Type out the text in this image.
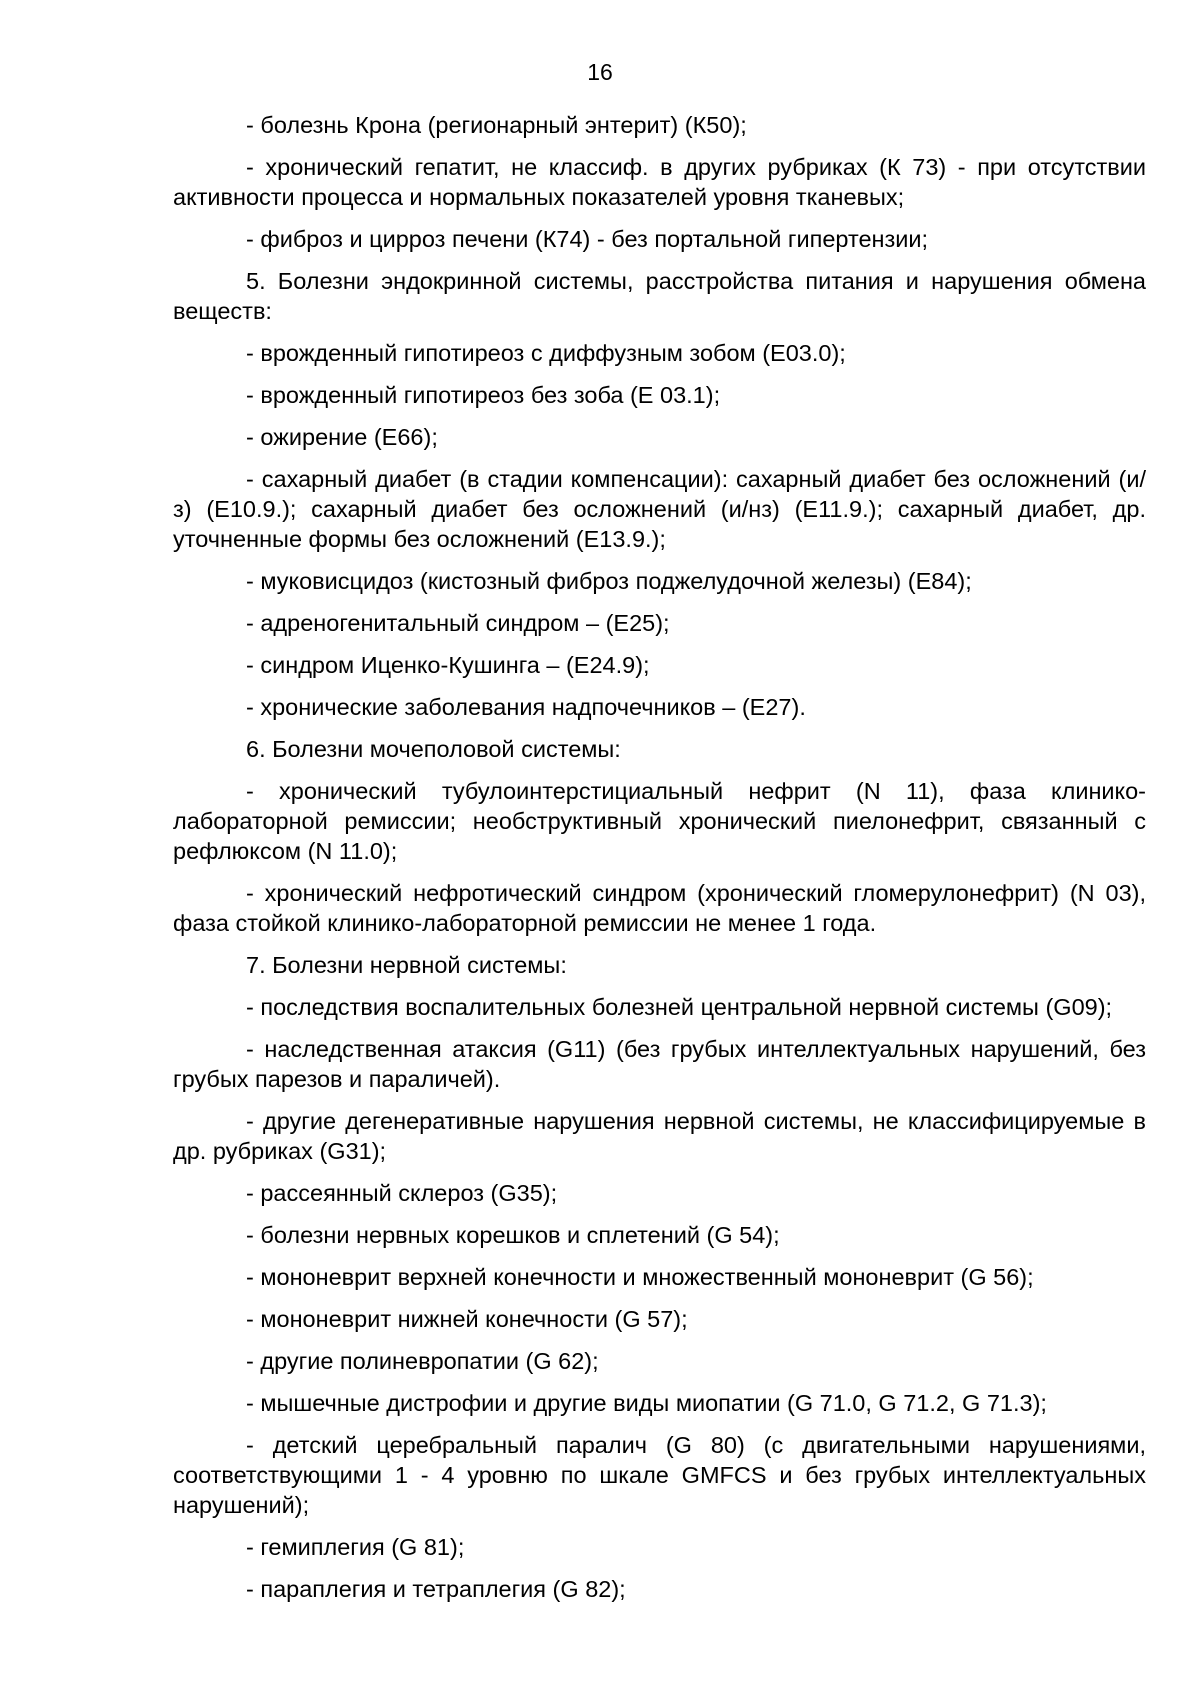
16

- болезнь Крона (регионарный энтерит) (К50);

- хронический гепатит, не классиф. в других рубриках (К 73) - при отсутствии активности процесса и нормальных показателей уровня тканевых;

- фиброз и цирроз печени (К74) - без портальной гипертензии;

5. Болезни эндокринной системы, расстройства питания и нарушения обмена веществ:

- врожденный гипотиреоз с диффузным зобом (Е03.0);

- врожденный гипотиреоз без зоба (Е 03.1);

- ожирение (Е66);

- сахарный диабет (в стадии компенсации): сахарный диабет без осложнений (и/з) (Е10.9.); сахарный диабет без осложнений (и/нз) (Е11.9.); сахарный диабет, др. уточненные формы без осложнений (Е13.9.);

- муковисцидоз (кистозный фиброз поджелудочной железы) (Е84);

- адреногенитальный синдром – (Е25);

- синдром Иценко-Кушинга – (Е24.9);

- хронические заболевания надпочечников – (Е27).

6. Болезни мочеполовой системы:

- хронический тубулоинтерстициальный нефрит (N 11), фаза клинико-лабораторной ремиссии; необструктивный хронический пиелонефрит, связанный с рефлюксом (N 11.0);

- хронический нефротический синдром (хронический гломерулонефрит) (N 03), фаза стойкой клинико-лабораторной ремиссии не менее 1 года.

7. Болезни нервной системы:

- последствия воспалительных болезней центральной нервной системы (G09);

- наследственная атаксия (G11) (без грубых интеллектуальных нарушений, без грубых парезов и параличей).

- другие дегенеративные нарушения нервной системы, не классифицируемые в др. рубриках (G31);

- рассеянный склероз (G35);

- болезни нервных корешков и сплетений (G 54);

- мононеврит верхней конечности и множественный мононеврит (G 56);

- мононеврит нижней конечности (G 57);

- другие полиневропатии (G 62);

- мышечные дистрофии и другие виды миопатии (G 71.0, G 71.2, G 71.3);

- детский церебральный паралич (G 80) (с двигательными нарушениями, соответствующими 1 - 4 уровню по шкале GMFCS и без грубых интеллектуальных нарушений);

- гемиплегия (G 81);

- параплегия и тетраплегия (G 82);
